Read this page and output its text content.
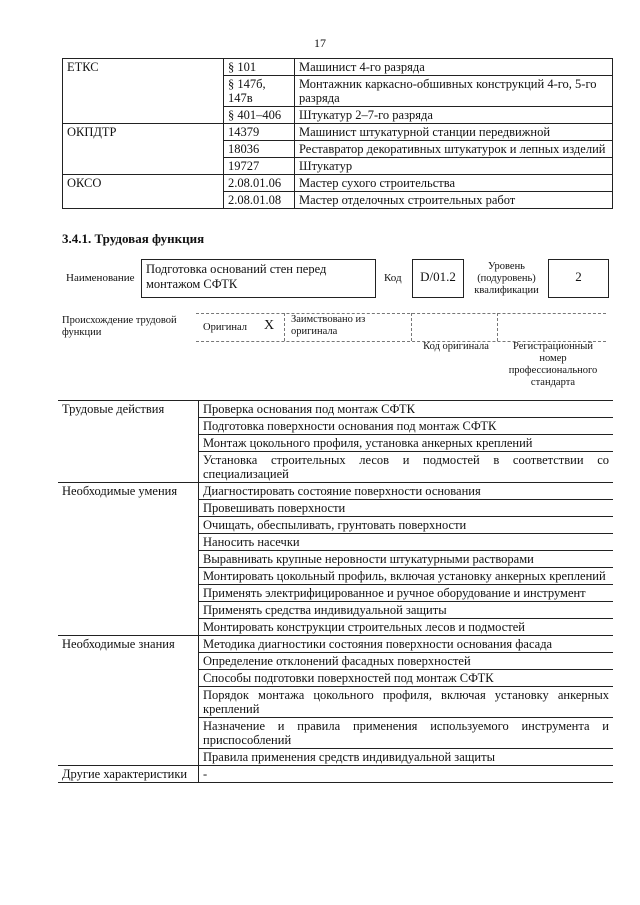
17
ЕТКС	§ 101	Машинист 4-го разряда
	§ 147б, 147в	Монтажник каркасно-обшивных конструкций 4-го, 5-го разряда
	§ 401–406	Штукатур 2–7-го разряда
ОКПДТР	14379	Машинист штукатурной станции передвижной
	18036	Реставратор декоративных штукатурок и лепных изделий
	19727	Штукатур
ОКСО	2.08.01.06	Мастер сухого строительства
	2.08.01.08	Мастер отделочных строительных работ
3.4.1. Трудовая функция
Наименование
Подготовка оснований стен перед монтажом СФТК	Код	D/01.2
Уровень (подуровень) квалификации
2
Происхождение трудовой функции	Оригинал X Заимствовано из оригинала
Код оригинала	Регистрационный номер профессионального стандарта
Трудовые действия	Проверка основания под монтаж СФТК
	Подготовка поверхности основания под монтаж СФТК
	Монтаж цокольного профиля, установка анкерных креплений
	Установка строительных лесов и подмостей в соответствии со специализацией
Необходимые умения	Диагностировать состояние поверхности основания
	Провешивать поверхности
	Очищать, обеспыливать, грунтовать поверхности
	Наносить насечки
	Выравнивать крупные неровности штукатурными растворами
	Монтировать цокольный профиль, включая установку анкерных креплений
	Применять электрифицированное и ручное оборудование и инструмент
	Применять средства индивидуальной защиты
	Монтировать конструкции строительных лесов и подмостей
Необходимые знания	Методика диагностики состояния поверхности основания фасада
	Определение отклонений фасадных поверхностей
	Способы подготовки поверхностей под монтаж СФТК
	Порядок монтажа цокольного профиля, включая установку анкерных креплений
	Назначение и правила применения используемого инструмента и приспособлений
	Правила применения средств индивидуальной защиты
Другие характеристики	-
